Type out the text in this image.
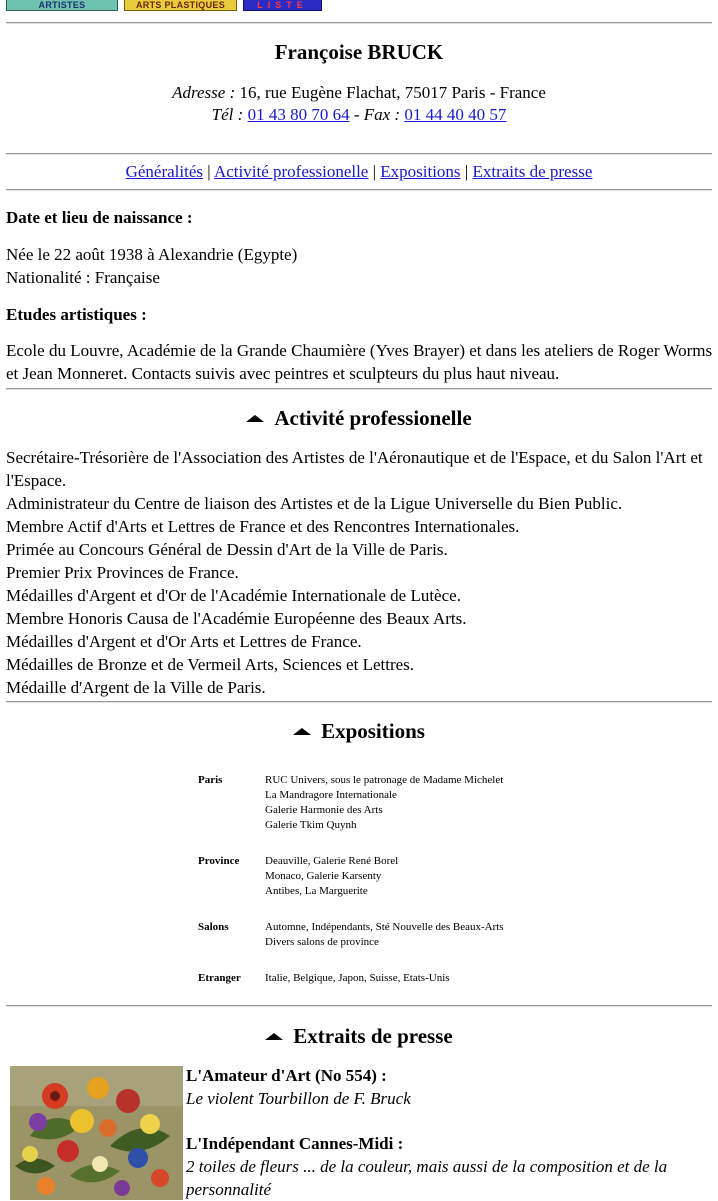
ARTISTES	ARTS PLASTIQUES	LISTE
Françoise BRUCK
Adresse : 16, rue Eugène Flachat, 75017 Paris - France
Tél : 01 43 80 70 64 - Fax : 01 44 40 40 57
Généralités | Activité professionelle | Expositions | Extraits de presse
Date et lieu de naissance :
Née le 22 août 1938 à Alexandrie (Egypte)
Nationalité : Française
Etudes artistiques :
Ecole du Louvre, Académie de la Grande Chaumière (Yves Brayer) et dans les ateliers de Roger Worms et Jean Monneret. Contacts suivis avec peintres et sculpteurs du plus haut niveau.
Activité professionelle
Secrétaire-Trésorière de l'Association des Artistes de l'Aéronautique et de l'Espace, et du Salon l'Art et l'Espace.
Administrateur du Centre de liaison des Artistes et de la Ligue Universelle du Bien Public.
Membre Actif d'Arts et Lettres de France et des Rencontres Internationales.
Primée au Concours Général de Dessin d'Art de la Ville de Paris.
Premier Prix Provinces de France.
Médailles d'Argent et d'Or de l'Académie Internationale de Lutèce.
Membre Honoris Causa de l'Académie Européenne des Beaux Arts.
Médailles d'Argent et d'Or Arts et Lettres de France.
Médailles de Bronze et de Vermeil Arts, Sciences et Lettres.
Médaille d'Argent de la Ville de Paris.
Expositions
Paris	RUC Univers, sous le patronage de Madame Michelet
La Mandragore Internationale
Galerie Harmonie des Arts
Galerie Tkim Quynh
Province	Deauville, Galerie René Borel
Monaco, Galerie Karsenty
Antibes, La Marguerite
Salons	Automne, Indépendants, Sté Nouvelle des Beaux-Arts
Divers salons de province
Etranger	Italie, Belgique, Japon, Suisse, Etats-Unis
Extraits de presse
L'Amateur d'Art (No 554) :
Le violent Tourbillon de F. Bruck
L'Indépendant Cannes-Midi :
2 toiles de fleurs ... de la couleur, mais aussi de la composition et de la personnalité
